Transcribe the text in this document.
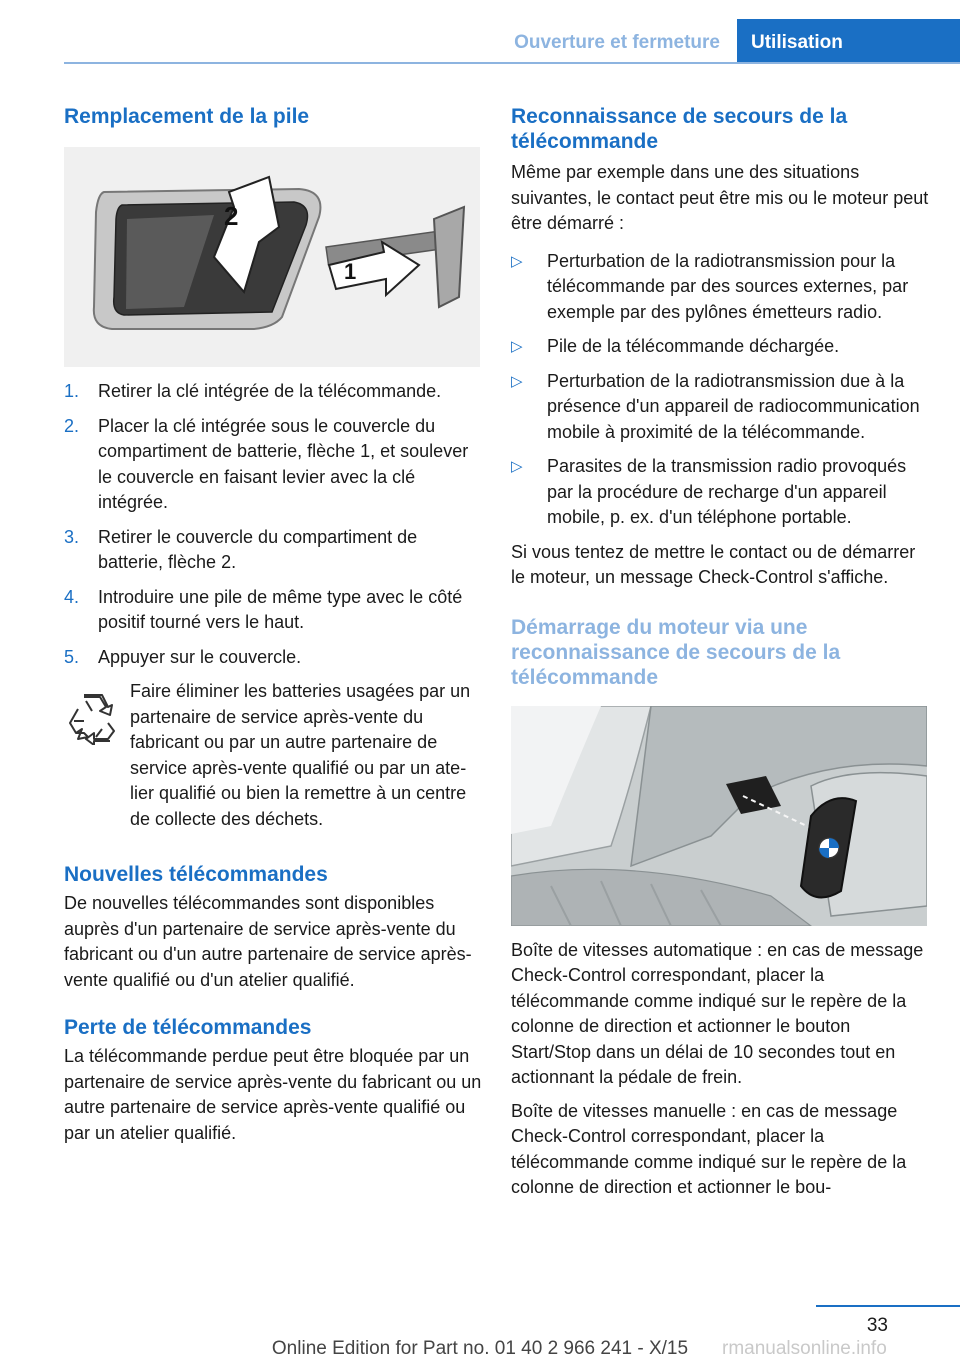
Ouverture et fermeture	Utilisation
Remplacement de la pile
2
1
1. Retirer la clé intégrée de la télécommande.
2. Placer la clé intégrée sous le couvercle du compartiment de batterie, flèche 1, et soulever le couvercle en faisant levier avec la clé intégrée.
3. Retirer le couvercle du compartiment de batterie, flèche 2.
4. Introduire une pile de même type avec le côté positif tourné vers le haut.
5. Appuyer sur le couvercle.

Faire éliminer les batteries usagées par un partenaire de service après-vente du fabricant ou par un autre partenaire de service après-vente qualifié ou par un atelier qualifié ou bien la remettre à un centre de collecte des déchets.

Nouvelles télécommandes

De nouvelles télécommandes sont disponibles auprès d'un partenaire de service après-vente du fabricant ou d'un autre partenaire de service après-vente qualifié ou d'un atelier qualifié.

Perte de télécommandes

La télécommande perdue peut être bloquée par un partenaire de service après-vente du fabricant ou un autre partenaire de service après-vente qualifié ou par un atelier qualifié.

Reconnaissance de secours de la télécommande

Même par exemple dans une des situations suivantes, le contact peut être mis ou le moteur peut être démarré :

▷ Perturbation de la radiotransmission pour la télécommande par des sources externes, par exemple par des pylônes émetteurs radio.
▷ Pile de la télécommande déchargée.
▷ Perturbation de la radiotransmission due à la présence d'un appareil de radiocommunication mobile à proximité de la télécommande.
▷ Parasites de la transmission radio provoqués par la procédure de recharge d'un appareil mobile, p. ex. d'un téléphone portable.

Si vous tentez de mettre le contact ou de démarrer le moteur, un message Check-Control s'affiche.

Démarrage du moteur via une reconnaissance de secours de la télécommande

Boîte de vitesses automatique : en cas de message Check-Control correspondant, placer la télécommande comme indiqué sur le repère de la colonne de direction et actionner le bouton Start/Stop dans un délai de 10 secondes tout en actionnant la pédale de frein.

Boîte de vitesses manuelle : en cas de message Check-Control correspondant, placer la télécommande comme indiqué sur le repère de la colonne de direction et actionner le bou-

33
Online Edition for Part no. 01 40 2 966 241 - X/15	rmanualsonline.info
